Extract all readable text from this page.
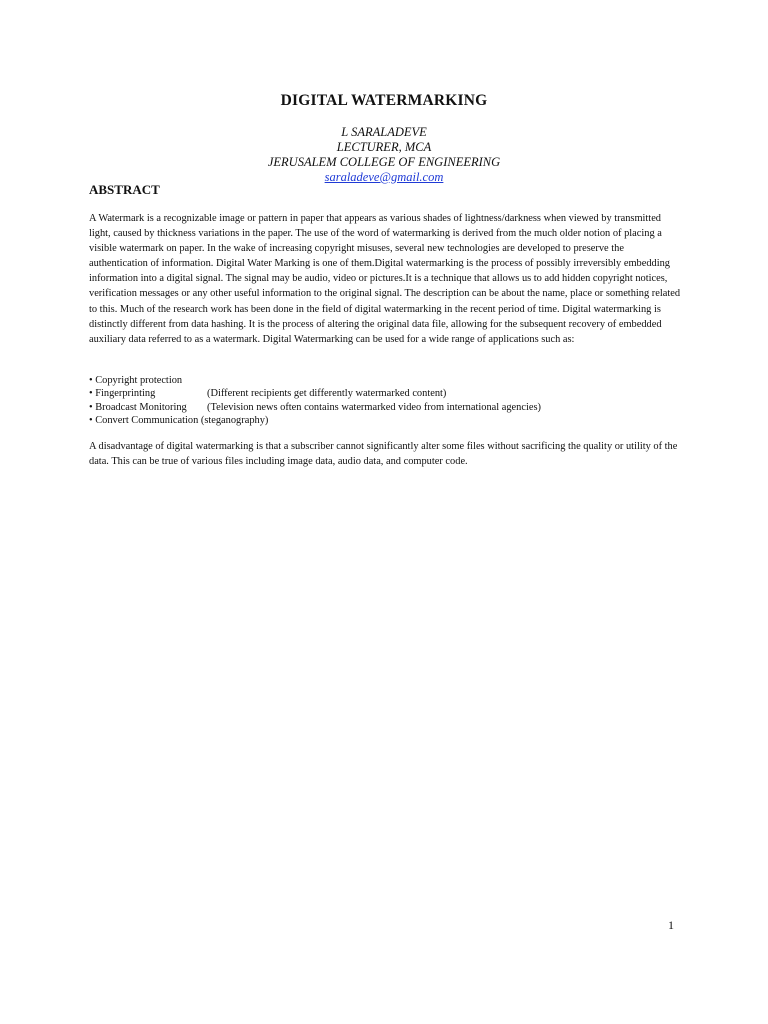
DIGITAL WATERMARKING
L SARALADEVE
LECTURER, MCA
JERUSALEM COLLEGE OF ENGINEERING
saraladeve@gmail.com
ABSTRACT
A Watermark is a recognizable image or pattern in paper that appears as various shades of lightness/darkness when viewed by transmitted light, caused by thickness variations in the paper. The use of the word of watermarking is derived from the much older notion of placing a visible watermark on paper. In the wake of increasing copyright misuses, several new technologies are developed to preserve the authentication of information. Digital Water Marking is one of them.Digital watermarking is the process of possibly irreversibly embedding information into a digital signal. The signal may be audio, video or pictures.It is a technique that allows us to add hidden copyright notices, verification messages or any other useful information to the original signal. The description can be about the name, place or something related to this. Much of the research work has been done in the field of digital watermarking in the recent period of time. Digital watermarking is distinctly different from data hashing. It is the process of altering the original data file, allowing for the subsequent recovery of embedded auxiliary data referred to as a watermark. Digital Watermarking can be used for a wide range of applications such as:
• Copyright protection
• Fingerprinting	(Different recipients get differently watermarked content)
• Broadcast Monitoring (Television news often contains watermarked video from international agencies)
• Convert Communication (steganography)
A disadvantage of digital watermarking is that a subscriber cannot significantly alter some files without sacrificing the quality or utility of the data. This can be true of various files including image data, audio data, and computer code.
1
